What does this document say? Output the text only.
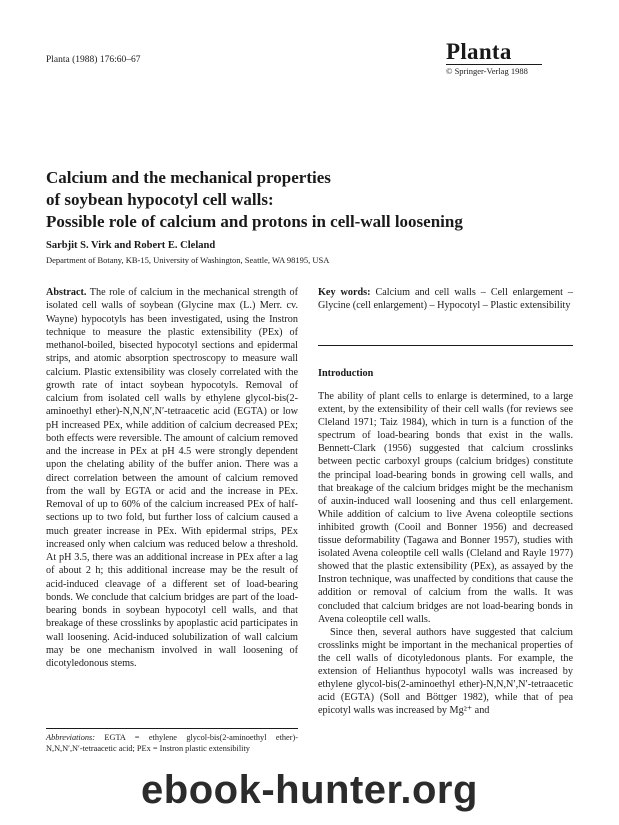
Planta (1988) 176:60–67	Planta
© Springer-Verlag 1988
Calcium and the mechanical properties
of soybean hypocotyl cell walls:
Possible role of calcium and protons in cell-wall loosening
Sarbjit S. Virk and Robert E. Cleland
Department of Botany, KB-15, University of Washington, Seattle, WA 98195, USA
Abstract. The role of calcium in the mechanical strength of isolated cell walls of soybean (Glycine max (L.) Merr. cv. Wayne) hypocotyls has been investigated, using the Instron technique to measure the plastic extensibility (PEx) of methanol-boiled, bisected hypocotyl sections and epidermal strips, and atomic absorption spectroscopy to measure wall calcium. Plastic extensibility was closely correlated with the growth rate of intact soybean hypocotyls. Removal of calcium from isolated cell walls by ethylene glycol-bis(2-aminoethyl ether)-N,N,N′,N′-tetraacetic acid (EGTA) or low pH increased PEx, while addition of calcium decreased PEx; both effects were reversible. The amount of calcium removed and the increase in PEx at pH 4.5 were strongly dependent upon the chelating ability of the buffer anion. There was a direct correlation between the amount of calcium removed from the wall by EGTA or acid and the increase in PEx. Removal of up to 60% of the calcium increased PEx of half-sections up to two fold, but further loss of calcium caused a much greater increase in PEx. With epidermal strips, PEx increased only when calcium was reduced below a threshold. At pH 3.5, there was an additional increase in PEx after a lag of about 2 h; this additional increase may be the result of acid-induced cleavage of a different set of load-bearing bonds. We conclude that calcium bridges are part of the load-bearing bonds in soybean hypocotyl cell walls, and that breakage of these crosslinks by apoplastic acid participates in wall loosening. Acid-induced solubilization of wall calcium may be one mechanism involved in wall loosening of dicotyledonous stems.
Key words: Calcium and cell walls – Cell enlargement – Glycine (cell enlargement) – Hypocotyl – Plastic extensibility
Introduction

The ability of plant cells to enlarge is determined, to a large extent, by the extensibility of their cell walls (for reviews see Cleland 1971; Taiz 1984), which in turn is a function of the spectrum of load-bearing bonds that exist in the walls. Bennett-Clark (1956) suggested that calcium crosslinks between pectic carboxyl groups (calcium bridges) constitute the principal load-bearing bonds in growing cell walls, and that breakage of the calcium bridges might be the mechanism of auxin-induced wall loosening and thus cell enlargement. While addition of calcium to live Avena coleoptile sections inhibited growth (Cooil and Bonner 1956) and decreased tissue deformability (Tagawa and Bonner 1957), studies with isolated Avena coleoptile cell walls (Cleland and Rayle 1977) showed that the plastic extensibility (PEx), as assayed by the Instron technique, was unaffected by conditions that cause the addition or removal of calcium from the walls. It was concluded that calcium bridges are not load-bearing bonds in Avena coleoptile cell walls.

Since then, several authors have suggested that calcium crosslinks might be important in the mechanical properties of the cell walls of dicotyledonous plants. For example, the extension of Helianthus hypocotyl walls was increased by ethylene glycol-bis(2-aminoethyl ether)-N,N,N′,N′-tetraacetic acid (EGTA) (Soll and Böttger 1982), while that of pea epicotyl walls was increased by Mg²⁺ and

Abbreviations: EGTA = ethylene glycol-bis(2-aminoethyl ether)-N,N,N′,N′-tetraacetic acid; PEx = Instron plastic extensibility
ebook-hunter.org
